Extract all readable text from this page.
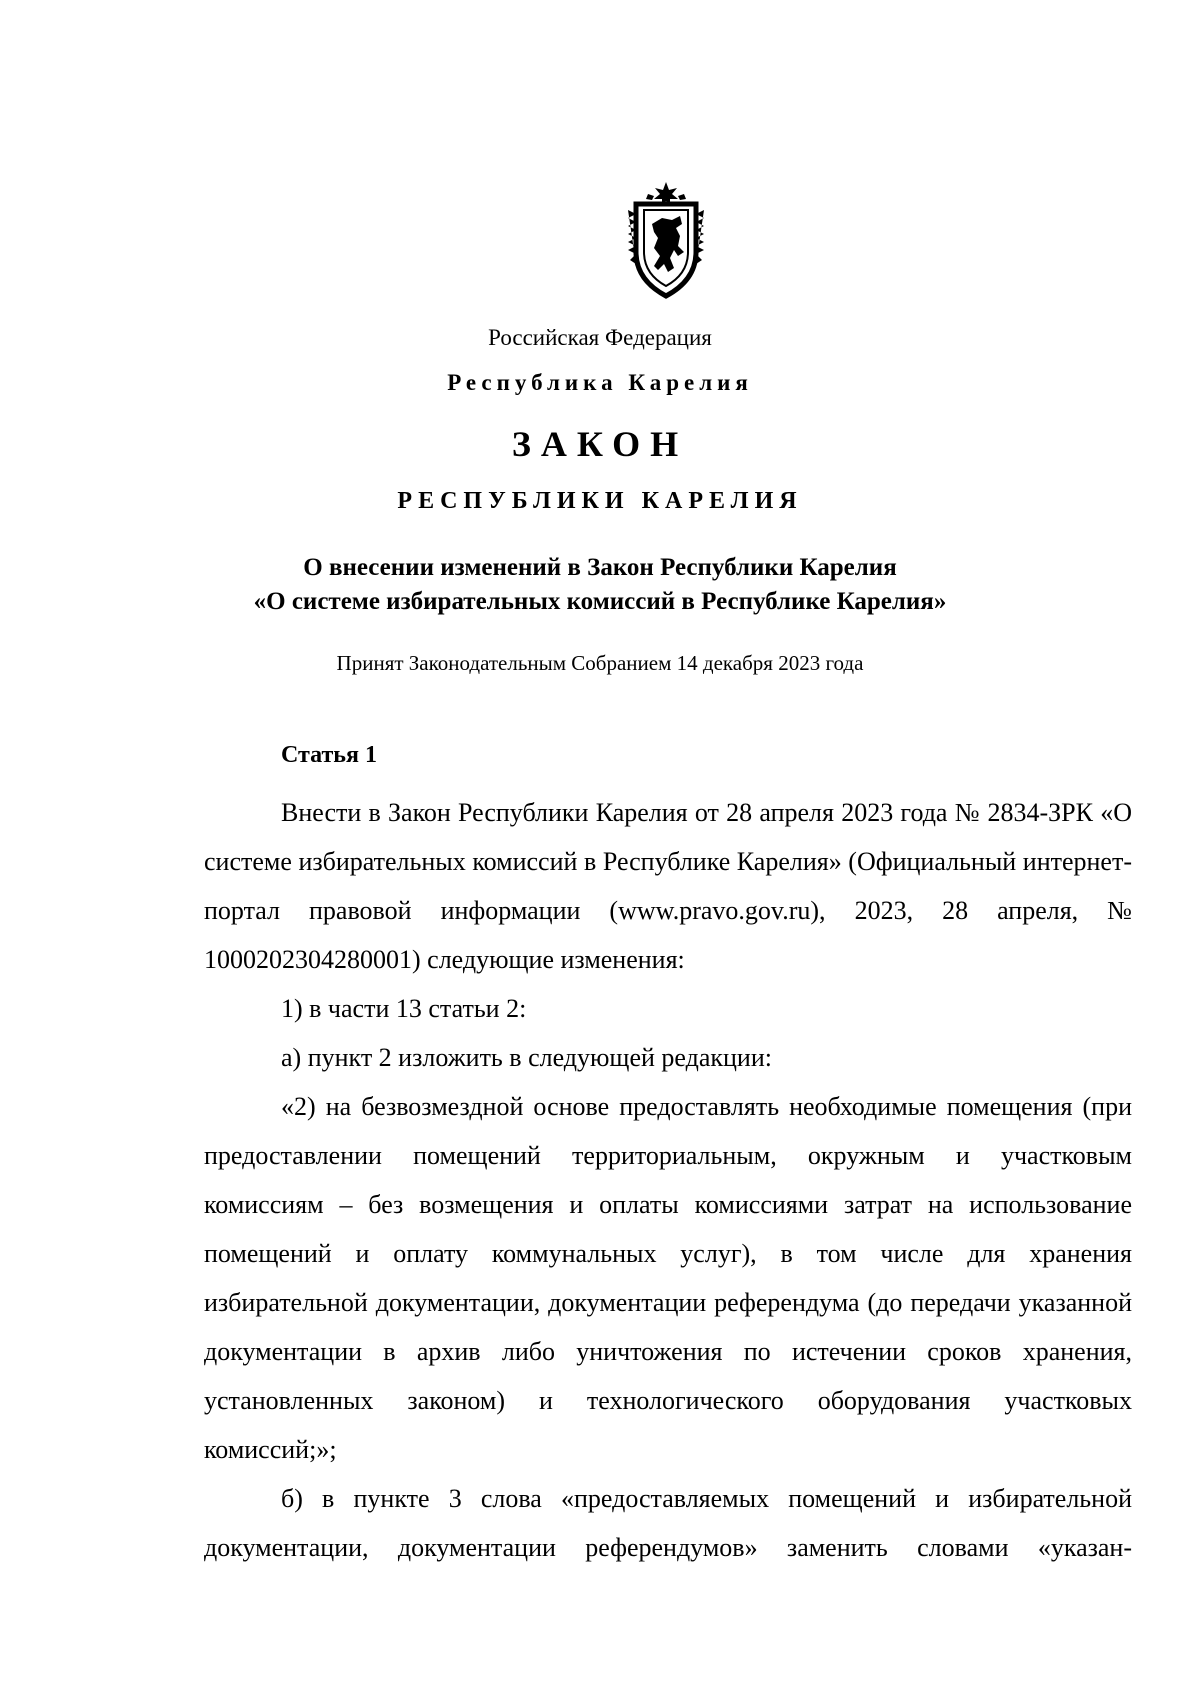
Российская Федерация
Республика Карелия
ЗАКОН
РЕСПУБЛИКИ КАРЕЛИЯ
О внесении изменений в Закон Республики Карелия
«О системе избирательных комиссий в Республике Карелия»
Принят Законодательным Собранием 14 декабря 2023 года
Статья 1

Внести в Закон Республики Карелия от 28 апреля 2023 года № 2834-ЗРК «О системе избирательных комиссий в Республике Карелия» (Официальный интернет-портал правовой информации (www.pravo.gov.ru), 2023, 28 апреля, № 1000202304280001) следующие изменения:

1) в части 13 статьи 2:

а) пункт 2 изложить в следующей редакции:

«2) на безвозмездной основе предоставлять необходимые помещения (при предоставлении помещений территориальным, окружным и участковым комиссиям – без возмещения и оплаты комиссиями затрат на использование помещений и оплату коммунальных услуг), в том числе для хранения избирательной документации, документации референдума (до передачи указанной документации в архив либо уничтожения по истечении сроков хранения, установленных законом) и технологического оборудования участковых комиссий;»;

б) в пункте 3 слова «предоставляемых помещений и избирательной документации, документации референдумов» заменить словами «указан-
